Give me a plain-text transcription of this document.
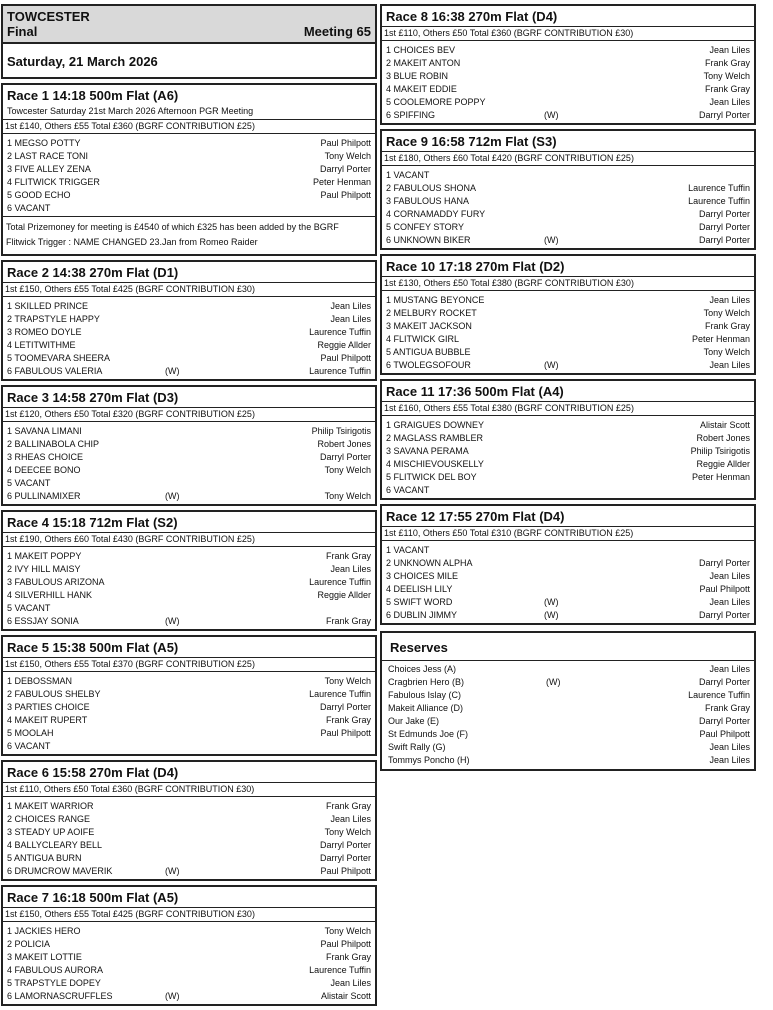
TOWCESTER
Final	Meeting 65
Saturday, 21 March 2026
Race 1 14:18 500m Flat (A6)
Towcester Saturday 21st March 2026 Afternoon PGR Meeting
1st £140, Others £55 Total £360 (BGRF CONTRIBUTION £25)
1 MEGSO POTTY	Paul Philpott
2 LAST RACE TONI	Tony Welch
3 FIVE ALLEY ZENA	Darryl Porter
4 FLITWICK TRIGGER	Peter Henman
5 GOOD ECHO	Paul Philpott
6 VACANT
Total Prizemoney for meeting is £4540 of which £325 has been added by the BGRF
Flitwick Trigger : NAME CHANGED 23.Jan from Romeo Raider
Race 2 14:38 270m Flat (D1)
1st £150, Others £55 Total £425 (BGRF CONTRIBUTION £30)
1 SKILLED PRINCE	Jean Liles
2 TRAPSTYLE HAPPY	Jean Liles
3 ROMEO DOYLE	Laurence Tuffin
4 LETITWITHME	Reggie Allder
5 TOOMEVARA SHEERA	Paul Philpott
6 FABULOUS VALERIA	(W)	Laurence Tuffin
Race 3 14:58 270m Flat (D3)
1st £120, Others £50 Total £320 (BGRF CONTRIBUTION £25)
1 SAVANA LIMANI	Philip Tsirigotis
2 BALLINABOLA CHIP	Robert Jones
3 RHEAS CHOICE	Darryl Porter
4 DEECEE BONO	Tony Welch
5 VACANT
6 PULLINAMIXER	(W)	Tony Welch
Race 4 15:18 712m Flat (S2)
1st £190, Others £60 Total £430 (BGRF CONTRIBUTION £25)
1 MAKEIT POPPY	Frank Gray
2 IVY HILL MAISY	Jean Liles
3 FABULOUS ARIZONA	Laurence Tuffin
4 SILVERHILL HANK	Reggie Allder
5 VACANT
6 ESSJAY SONIA	(W)	Frank Gray
Race 5 15:38 500m Flat (A5)
1st £150, Others £55 Total £370 (BGRF CONTRIBUTION £25)
1 DEBOSSMAN	Tony Welch
2 FABULOUS SHELBY	Laurence Tuffin
3 PARTIES CHOICE	Darryl Porter
4 MAKEIT RUPERT	Frank Gray
5 MOOLAH	Paul Philpott
6 VACANT
Race 6 15:58 270m Flat (D4)
1st £110, Others £50 Total £360 (BGRF CONTRIBUTION £30)
1 MAKEIT WARRIOR	Frank Gray
2 CHOICES RANGE	Jean Liles
3 STEADY UP AOIFE	Tony Welch
4 BALLYCLEARY BELL	Darryl Porter
5 ANTIGUA BURN	Darryl Porter
6 DRUMCROW MAVERIK	(W)	Paul Philpott
Race 7 16:18 500m Flat (A5)
1st £150, Others £55 Total £425 (BGRF CONTRIBUTION £30)
1 JACKIES HERO	Tony Welch
2 POLICIA	Paul Philpott
3 MAKEIT LOTTIE	Frank Gray
4 FABULOUS AURORA	Laurence Tuffin
5 TRAPSTYLE DOPEY	Jean Liles
6 LAMORNASCRUFFLES	(W)	Alistair Scott
Race 8 16:38 270m Flat (D4)
1st £110, Others £50 Total £360 (BGRF CONTRIBUTION £30)
1 CHOICES BEV	Jean Liles
2 MAKEIT ANTON	Frank Gray
3 BLUE ROBIN	Tony Welch
4 MAKEIT EDDIE	Frank Gray
5 COOLEMORE POPPY	Jean Liles
6 SPIFFING	(W)	Darryl Porter
Race 9 16:58 712m Flat (S3)
1st £180, Others £60 Total £420 (BGRF CONTRIBUTION £25)
1 VACANT
2 FABULOUS SHONA	Laurence Tuffin
3 FABULOUS HANA	Laurence Tuffin
4 CORNAMADDY FURY	Darryl Porter
5 CONFEY STORY	Darryl Porter
6 UNKNOWN BIKER	(W)	Darryl Porter
Race 10 17:18 270m Flat (D2)
1st £130, Others £50 Total £380 (BGRF CONTRIBUTION £30)
1 MUSTANG BEYONCE	Jean Liles
2 MELBURY ROCKET	Tony Welch
3 MAKEIT JACKSON	Frank Gray
4 FLITWICK GIRL	Peter Henman
5 ANTIGUA BUBBLE	Tony Welch
6 TWOLEGSOFOUR	(W)	Jean Liles
Race 11 17:36 500m Flat (A4)
1st £160, Others £55 Total £380 (BGRF CONTRIBUTION £25)
1 GRAIGUES DOWNEY	Alistair Scott
2 MAGLASS RAMBLER	Robert Jones
3 SAVANA PERAMA	Philip Tsirigotis
4 MISCHIEVOUSKELLY	Reggie Allder
5 FLITWICK DEL BOY	Peter Henman
6 VACANT
Race 12 17:55 270m Flat (D4)
1st £110, Others £50 Total £310 (BGRF CONTRIBUTION £25)
1 VACANT
2 UNKNOWN ALPHA	Darryl Porter
3 CHOICES MILE	Jean Liles
4 DEELISH LILY	Paul Philpott
5 SWIFT WORD	(W)	Jean Liles
6 DUBLIN JIMMY	(W)	Darryl Porter
Reserves
Choices Jess (A)	Jean Liles
Cragbrien Hero (B)	(W)	Darryl Porter
Fabulous Islay (C)	Laurence Tuffin
Makeit Alliance (D)	Frank Gray
Our Jake (E)	Darryl Porter
St Edmunds Joe (F)	Paul Philpott
Swift Rally (G)	Jean Liles
Tommys Poncho (H)	Jean Liles
